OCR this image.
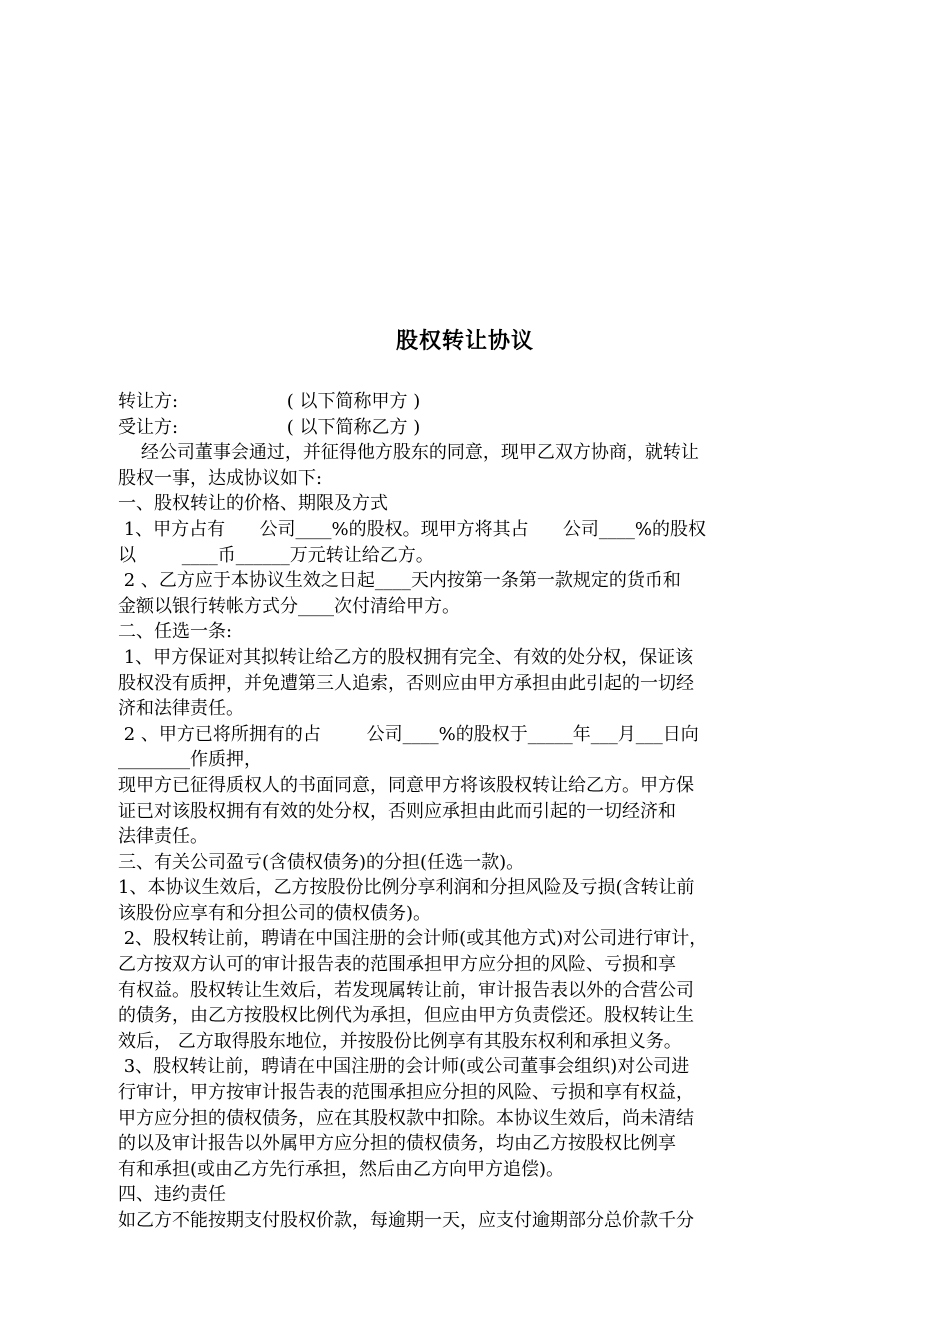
股权转让协议
转让方:                   ( 以下简称甲方 )
受让方:                   ( 以下简称乙方 )
经公司董事会通过，并征得他方股东的同意，现甲乙双方协商，就转让
股权一事，达成协议如下:
一、股权转让的价格、期限及方式
1、甲方占有      公司____%的股权。现甲方将其占      公司____%的股权
以        ____币______万元转让给乙方。
2 、乙方应于本协议生效之日起____天内按第一条第一款规定的货币和
金额以银行转帐方式分____次付清给甲方。
二、任选一条:
1、甲方保证对其拟转让给乙方的股权拥有完全、有效的处分权，保证该
股权没有质押，并免遭第三人追索，否则应由甲方承担由此引起的一切经
济和法律责任。
2 、甲方已将所拥有的占        公司____%的股权于_____年___月___日向
________作质押，
现甲方已征得质权人的书面同意，同意甲方将该股权转让给乙方。甲方保
证已对该股权拥有有效的处分权，否则应承担由此而引起的一切经济和
法律责任。
三、有关公司盈亏(含债权债务)的分担(任选一款)。
1、本协议生效后，乙方按股份比例分享利润和分担风险及亏损(含转让前
该股份应享有和分担公司的债权债务)。
2、股权转让前，聘请在中国注册的会计师(或其他方式)对公司进行审计，
乙方按双方认可的审计报告表的范围承担甲方应分担的风险、亏损和享
有权益。股权转让生效后，若发现属转让前，审计报告表以外的合营公司
的债务，由乙方按股权比例代为承担，但应由甲方负责偿还。股权转让生
效后， 乙方取得股东地位，并按股份比例享有其股东权利和承担义务。
3、股权转让前，聘请在中国注册的会计师(或公司董事会组织)对公司进
行审计，甲方按审计报告表的范围承担应分担的风险、亏损和享有权益，
甲方应分担的债权债务，应在其股权款中扣除。本协议生效后，尚未清结
的以及审计报告以外属甲方应分担的债权债务，均由乙方按股权比例享
有和承担(或由乙方先行承担，然后由乙方向甲方追偿)。
四、违约责任
如乙方不能按期支付股权价款，每逾期一天，应支付逾期部分总价款千分
